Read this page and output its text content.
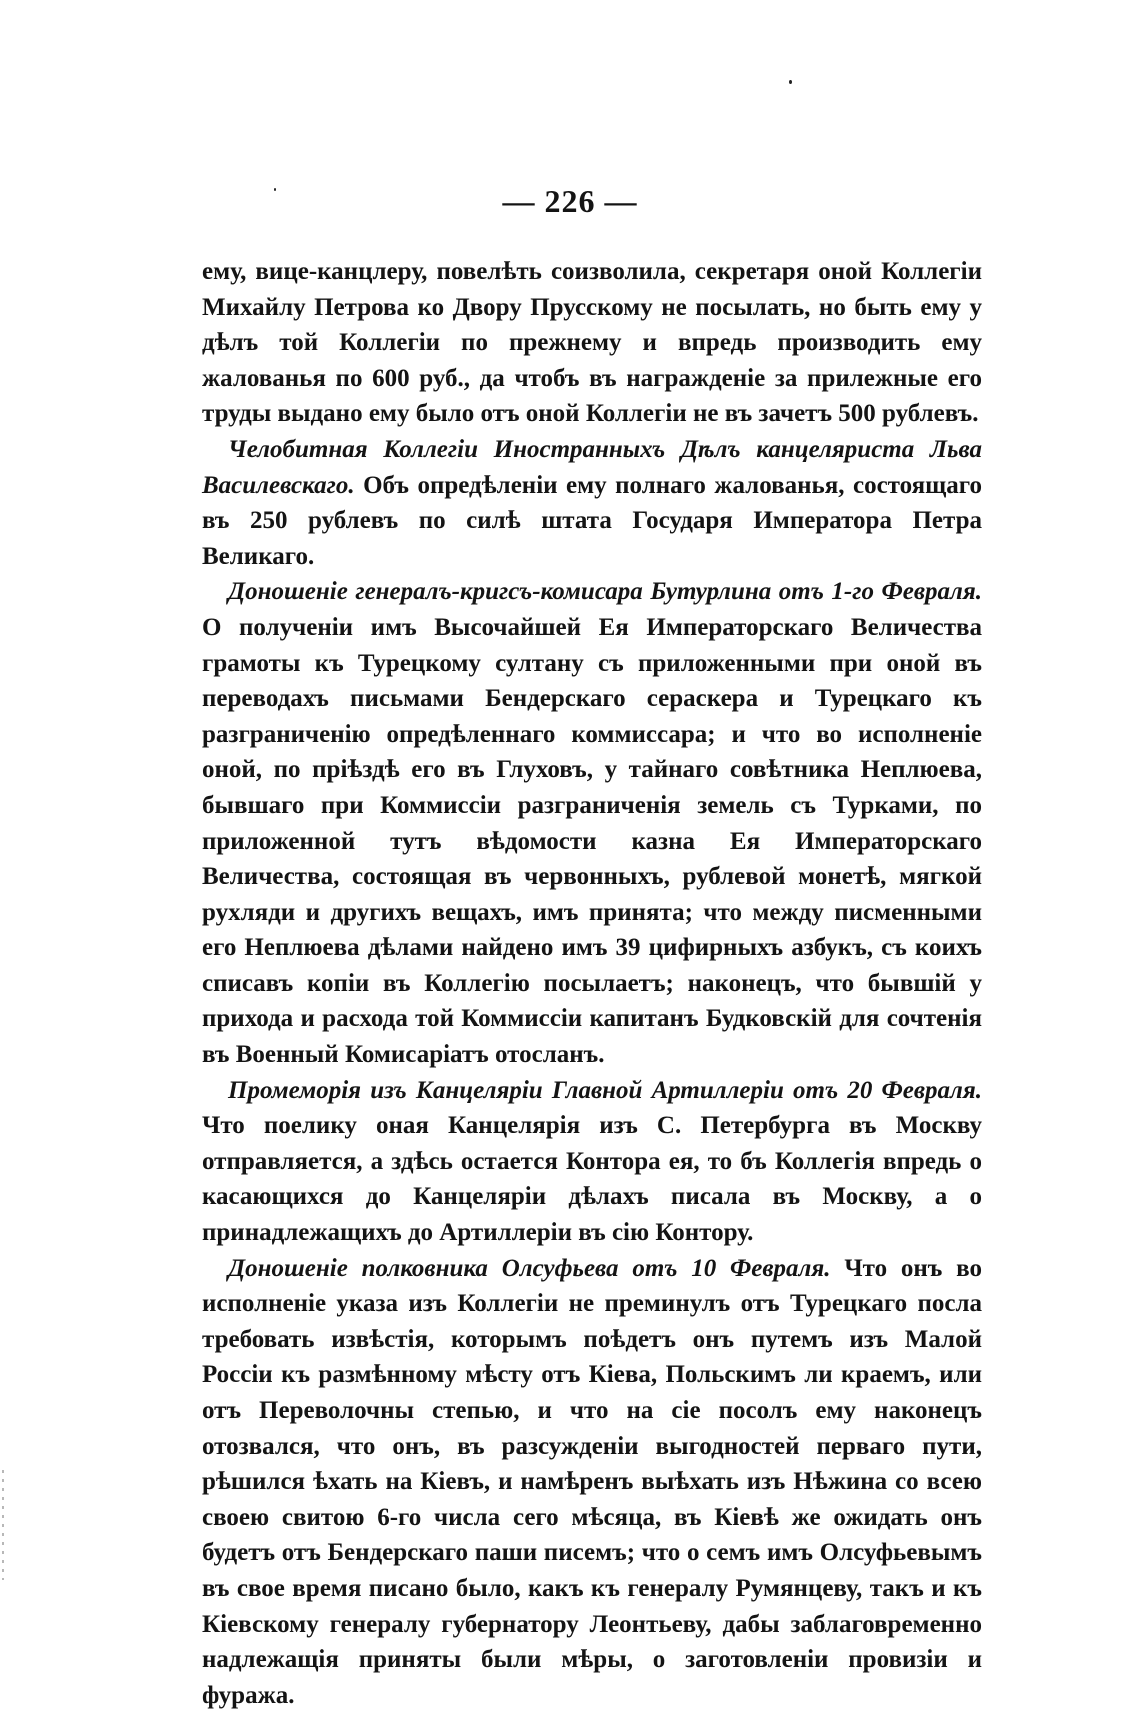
— 226 —

ему, вице-канцлеру, повелѣть соизволила, секретаря оной Коллегіи Михайлу Петрова ко Двору Прусскому не посылать, но быть ему у дѣлъ той Коллегіи по прежнему и впредь производить ему жалованья по 600 руб., да чтобъ въ награжденіе за прилежные его труды выдано ему было отъ оной Коллегіи не въ зачетъ 500 рублевъ.

Челобитная Коллегіи Иностранныхъ Дѣлъ канцеляриста Льва Василевскаго. Объ опредѣленіи ему полнаго жалованья, состоящаго въ 250 рублевъ по силѣ штата Государя Императора Петра Великаго.

Доношеніе генералъ-кригсъ-комисара Бутурлина отъ 1-го Февраля. О полученіи имъ Высочайшей Ея Императорскаго Величества грамоты къ Турецкому султану съ приложенными при оной въ переводахъ письмами Бендерскаго сераскера и Турецкаго къ разграниченію опредѣленнаго коммиссара; и что во исполненіе оной, по пріѣздѣ его въ Глуховъ, у тайнаго совѣтника Неплюева, бывшаго при Коммиссіи разграниченія земель съ Турками, по приложенной тутъ вѣдомости казна Ея Императорскаго Величества, состоящая въ червонныхъ, рублевой монетѣ, мягкой рухляди и другихъ вещахъ, имъ принята; что между писменными его Неплюева дѣлами найдено имъ 39 цифирныхъ азбукъ, съ коихъ списавъ копіи въ Коллегію посылаетъ; наконецъ, что бывшій у прихода и расхода той Коммиссіи капитанъ Будковскій для сочтенія въ Военный Комисаріатъ отосланъ.

Промеморія изъ Канцеляріи Главной Артиллеріи отъ 20 Февраля. Что поелику оная Канцелярія изъ С. Петербурга въ Москву отправляется, а здѣсь остается Контора ея, то бъ Коллегія впредь о касающихся до Канцеляріи дѣлахъ писала въ Москву, а о принадлежащихъ до Артиллеріи въ сію Контору.

Доношеніе полковника Олсуфьева отъ 10 Февраля. Что онъ во исполненіе указа изъ Коллегіи не преминулъ отъ Турецкаго посла требовать извѣстія, которымъ поѣдетъ онъ путемъ изъ Малой Россіи къ размѣнному мѣсту отъ Кіева, Польскимъ ли краемъ, или отъ Переволочны степью, и что на сіе посолъ ему наконецъ отозвался, что онъ, въ разсужденіи выгодностей перваго пути, рѣшился ѣхать на Кіевъ, и намѣренъ выѣхать изъ Нѣжина со всею своею свитою 6-го числа сего мѣсяца, въ Кіевѣ же ожидать онъ будетъ отъ Бендерскаго паши писемъ; что о семъ имъ Олсуфьевымъ въ свое время писано было, какъ къ генералу Румянцеву, такъ и къ Кіевскому генералу губернатору Леонтьеву, дабы заблаговременно надлежащія приняты были мѣры, о заготовленіи провизіи и фуража.
